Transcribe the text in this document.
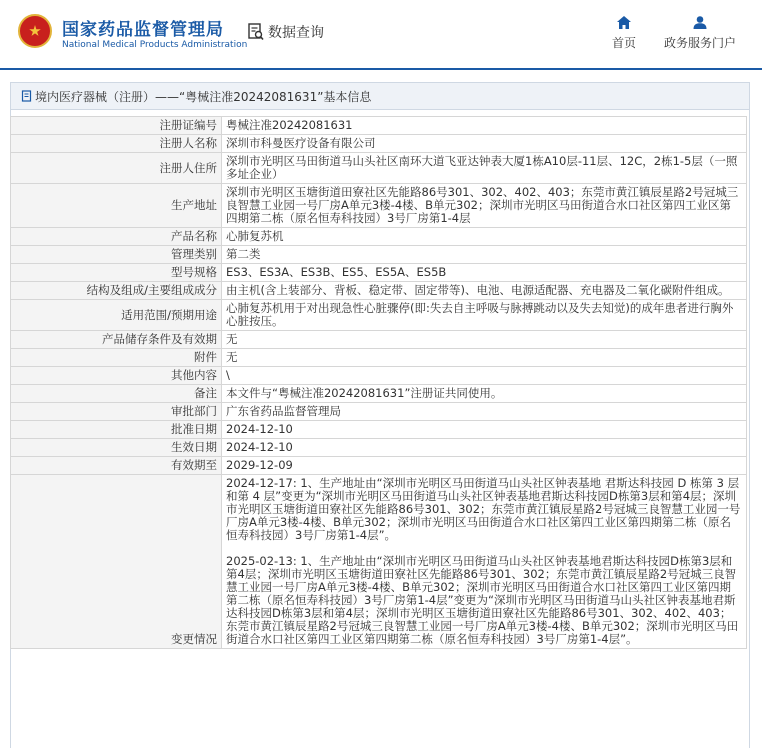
国家药品监督管理局
National Medical Products Administration
数据查询
首页 政务服务门户
境内医疗器械（注册）——“粤械注准20242081631”基本信息
注册证编号	粤械注准20242081631
注册人名称	深圳市科曼医疗设备有限公司
注册人住所	深圳市光明区马田街道马山头社区南环大道飞亚达钟表大厦1栋A10层-11层、12C，2栋1-5层（一照多址企业）
生产地址	深圳市光明区玉塘街道田寮社区先能路86号301、302、402、403；东莞市黄江镇辰星路2号冠城三良智慧工业园一号厂房A单元3楼-4楼、B单元302；深圳市光明区马田街道合水口社区第四工业区第四期第二栋（原名恒寿科技园）3号厂房第1-4层
产品名称	心肺复苏机
管理类别	第二类
型号规格	ES3、ES3A、ES3B、ES5、ES5A、ES5B
结构及组成/主要组成成分	由主机(含上装部分、背板、稳定带、固定带等)、电池、电源适配器、充电器及二氧化碳附件组成。
适用范围/预期用途	心肺复苏机用于对出现急性心脏骤停(即:失去自主呼吸与脉搏跳动以及失去知觉)的成年患者进行胸外心脏按压。
产品储存条件及有效期	无
附件	无
其他内容	\
备注	本文件与“粤械注准20242081631”注册证共同使用。
审批部门	广东省药品监督管理局
批准日期	2024-12-10
生效日期	2024-12-10
有效期至	2029-12-09
变更情况	2024-12-17: 1、生产地址由“深圳市光明区马田街道马山头社区钟表基地 君斯达科技园 D 栋第 3 层和第 4 层”变更为“深圳市光明区马田街道马山头社区钟表基地君斯达科技园D栋第3层和第4层；深圳市光明区玉塘街道田寮社区先能路86号301、302；东莞市黄江镇辰星路2号冠城三良智慧工业园一号厂房A单元3楼-4楼、B单元302；深圳市光明区马田街道合水口社区第四工业区第四期第二栋（原名恒寿科技园）3号厂房第1-4层”。

2025-02-13: 1、生产地址由“深圳市光明区马田街道马山头社区钟表基地君斯达科技园D栋第3层和第4层；深圳市光明区玉塘街道田寮社区先能路86号301、302；东莞市黄江镇辰星路2号冠城三良智慧工业园一号厂房A单元3楼-4楼、B单元302；深圳市光明区马田街道合水口社区第四工业区第四期第二栋（原名恒寿科技园）3号厂房第1-4层”变更为“深圳市光明区马田街道马山头社区钟表基地君斯达科技园D栋第3层和第4层；深圳市光明区玉塘街道田寮社区先能路86号301、302、402、403；东莞市黄江镇辰星路2号冠城三良智慧工业园一号厂房A单元3楼-4楼、B单元302；深圳市光明区马田街道合水口社区第四工业区第四期第二栋（原名恒寿科技园）3号厂房第1-4层”。
